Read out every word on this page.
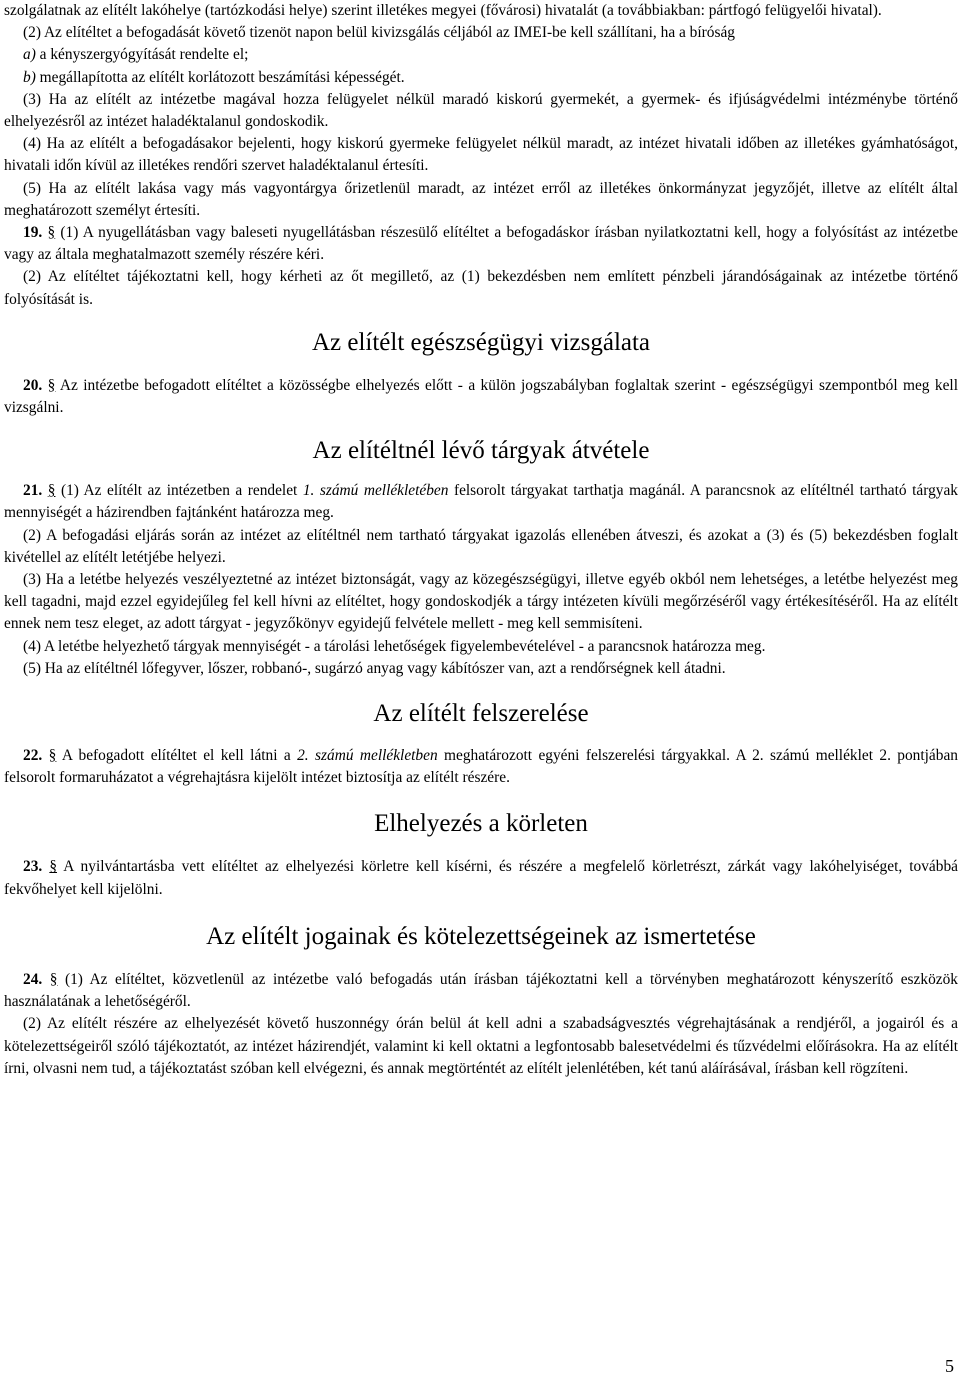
szolgálatnak az elítélt lakóhelye (tartózkodási helye) szerint illetékes megyei (fővárosi) hivatalát (a továbbiakban: pártfogó felügyelői hivatal).

(2) Az elítéltet a befogadását követő tizenöt napon belül kivizsgálás céljából az IMEI-be kell szállítani, ha a bíróság

a) a kényszergyógyítását rendelte el;

b) megállapította az elítélt korlátozott beszámítási képességét.

(3) Ha az elítélt az intézetbe magával hozza felügyelet nélkül maradó kiskorú gyermekét, a gyermek- és ifjúságvédelmi intézménybe történő elhelyezésről az intézet haladéktalanul gondoskodik.

(4) Ha az elítélt a befogadásakor bejelenti, hogy kiskorú gyermeke felügyelet nélkül maradt, az intézet hivatali időben az illetékes gyámhatóságot, hivatali időn kívül az illetékes rendőri szervet haladéktalanul értesíti.

(5) Ha az elítélt lakása vagy más vagyontárgya őrizetlenül maradt, az intézet erről az illetékes önkormányzat jegyzőjét, illetve az elítélt által meghatározott személyt értesíti.

19. § (1) A nyugellátásban vagy baleseti nyugellátásban részesülő elítéltet a befogadáskor írásban nyilatkoztatni kell, hogy a folyósítást az intézetbe vagy az általa meghatalmazott személy részére kéri.

(2) Az elítéltet tájékoztatni kell, hogy kérheti az őt megillető, az (1) bekezdésben nem említett pénzbeli járandóságainak az intézetbe történő folyósítását is.

Az elítélt egészségügyi vizsgálata

20. § Az intézetbe befogadott elítéltet a közösségbe elhelyezés előtt - a külön jogszabályban foglaltak szerint - egészségügyi szempontból meg kell vizsgálni.

Az elítéltnél lévő tárgyak átvétele

21. § (1) Az elítélt az intézetben a rendelet 1. számú mellékletében felsorolt tárgyakat tarthatja magánál. A parancsnok az elítéltnél tartható tárgyak mennyiségét a házirendben fajtánként határozza meg.

(2) A befogadási eljárás során az intézet az elítéltnél nem tartható tárgyakat igazolás ellenében átveszi, és azokat a (3) és (5) bekezdésben foglalt kivétellel az elítélt letétjébe helyezi.

(3) Ha a letétbe helyezés veszélyeztetné az intézet biztonságát, vagy az közegészségügyi, illetve egyéb okból nem lehetséges, a letétbe helyezést meg kell tagadni, majd ezzel egyidejűleg fel kell hívni az elítéltet, hogy gondoskodjék a tárgy intézeten kívüli megőrzéséről vagy értékesítéséről. Ha az elítélt ennek nem tesz eleget, az adott tárgyat - jegyzőkönyv egyidejű felvétele mellett - meg kell semmisíteni.

(4) A letétbe helyezhető tárgyak mennyiségét - a tárolási lehetőségek figyelembevételével - a parancsnok határozza meg.

(5) Ha az elítéltnél lőfegyver, lőszer, robbanó-, sugárzó anyag vagy kábítószer van, azt a rendőrségnek kell átadni.

Az elítélt felszerelése

22. § A befogadott elítéltet el kell látni a 2. számú mellékletben meghatározott egyéni felszerelési tárgyakkal. A 2. számú melléklet 2. pontjában felsorolt formaruházatot a végrehajtásra kijelölt intézet biztosítja az elítélt részére.

Elhelyezés a körleten

23. § A nyilvántartásba vett elítéltet az elhelyezési körletre kell kísérni, és részére a megfelelő körletrészt, zárkát vagy lakóhelyiséget, továbbá fekvőhelyet kell kijelölni.

Az elítélt jogainak és kötelezettségeinek az ismertetése

24. § (1) Az elítéltet, közvetlenül az intézetbe való befogadás után írásban tájékoztatni kell a törvényben meghatározott kényszerítő eszközök használatának a lehetőségéről.

(2) Az elítélt részére az elhelyezését követő huszonnégy órán belül át kell adni a szabadságvesztés végrehajtásának a rendjéről, a jogairól és a kötelezettségeiről szóló tájékoztatót, az intézet házirendjét, valamint ki kell oktatni a legfontosabb balesetvédelmi és tűzvédelmi előírásokra. Ha az elítélt írni, olvasni nem tud, a tájékoztatást szóban kell elvégezni, és annak megtörténtét az elítélt jelenlétében, két tanú aláírásával, írásban kell rögzíteni.

5
